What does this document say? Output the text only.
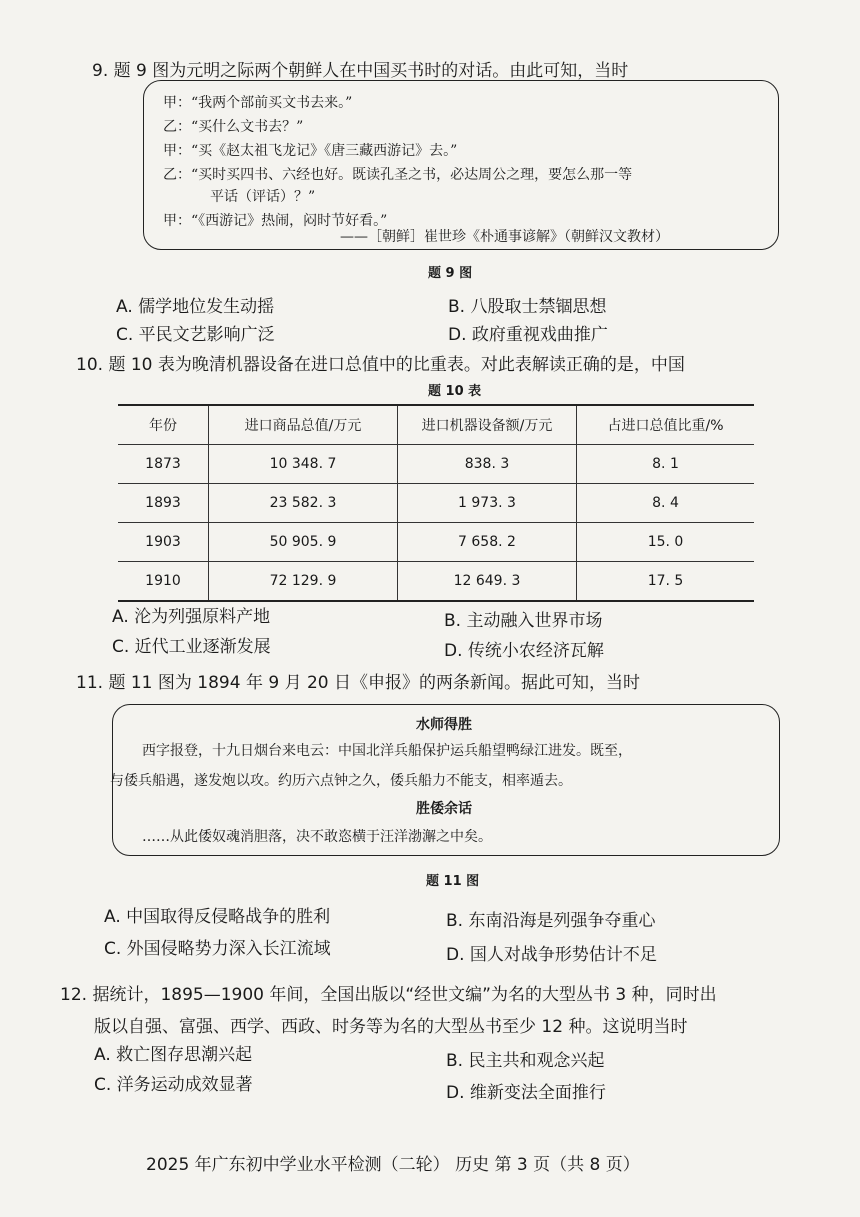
9. 题 9 图为元明之际两个朝鲜人在中国买书时的对话。由此可知，当时
甲：“我两个部前买文书去来。”
乙：“买什么文书去？”
甲：“买《赵太祖飞龙记》《唐三藏西游记》去。”
乙：“买时买四书、六经也好。既读孔圣之书，必达周公之理，要怎么那一等
平话（评话）？”
甲：“《西游记》热闹，闷时节好看。”
——［朝鲜］崔世珍《朴通事谚解》（朝鲜汉文教材）
题 9 图
A. 儒学地位发生动摇	B. 八股取士禁锢思想
C. 平民文艺影响广泛	D. 政府重视戏曲推广
10. 题 10 表为晚清机器设备在进口总值中的比重表。对此表解读正确的是，中国
题 10 表
年份	进口商品总值/万元	进口机器设备额/万元	占进口总值比重/%
1873	10 348. 7	838. 3	8. 1
1893	23 582. 3	1 973. 3	8. 4
1903	50 905. 9	7 658. 2	15. 0
1910	72 129. 9	12 649. 3	17. 5
A. 沦为列强原料产地	B. 主动融入世界市场
C. 近代工业逐渐发展	D. 传统小农经济瓦解
11. 题 11 图为 1894 年 9 月 20 日《申报》的两条新闻。据此可知，当时
水师得胜
西字报登，十九日烟台来电云：中国北洋兵船保护运兵船望鸭绿江进发。既至，
与倭兵船遇，遂发炮以攻。约历六点钟之久，倭兵船力不能支，相率遁去。
胜倭余话
……从此倭奴魂消胆落，决不敢恣横于汪洋渤澥之中矣。
题 11 图
A. 中国取得反侵略战争的胜利	B. 东南沿海是列强争夺重心
C. 外国侵略势力深入长江流域	D. 国人对战争形势估计不足
12. 据统计，1895—1900 年间，全国出版以“经世文编”为名的大型丛书 3 种，同时出
版以自强、富强、西学、西政、时务等为名的大型丛书至少 12 种。这说明当时
A. 救亡图存思潮兴起	B. 民主共和观念兴起
C. 洋务运动成效显著	D. 维新变法全面推行
2025 年广东初中学业水平检测（二轮） 历史 第 3 页（共 8 页）
